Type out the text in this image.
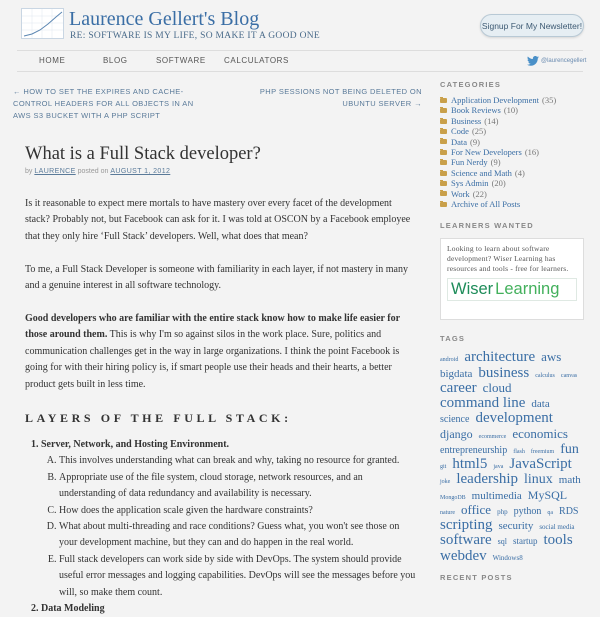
Laurence Gellert's Blog
RE: SOFTWARE IS MY LIFE, SO MAKE IT A GOOD ONE
Signup For My Newsletter!
HOME	BLOG	SOFTWARE CALCULATORS	@laurencegellert
← HOW TO SET THE EXPIRES AND CACHE-CONTROL HEADERS FOR ALL OBJECTS IN AN AWS S3 BUCKET WITH A PHP SCRIPT
PHP SESSIONS NOT BEING DELETED ON UBUNTU SERVER →
What is a Full Stack developer?
by LAURENCE posted on AUGUST 1, 2012

Is it reasonable to expect mere mortals to have mastery over every facet of the development stack? Probably not, but Facebook can ask for it. I was told at OSCON by a Facebook employee that they only hire ‘Full Stack’ developers. Well, what does that mean?

To me, a Full Stack Developer is someone with familiarity in each layer, if not mastery in many and a genuine interest in all software technology.

Good developers who are familiar with the entire stack know how to make life easier for those around them. This is why I'm so against silos in the work place. Sure, politics and communication challenges get in the way in large organizations. I think the point Facebook is going for with their hiring policy is, if smart people use their heads and their hearts, a better product gets built in less time.

LAYERS OF THE FULL STACK:
1. Server, Network, and Hosting Environment.
A. This involves understanding what can break and why, taking no resource for granted.
B. Appropriate use of the file system, cloud storage, network resources, and an understanding of data redundancy and availability is necessary.
C. How does the application scale given the hardware constraints?
D. What about multi-threading and race conditions? Guess what, you won't see those on your development machine, but they can and do happen in the real world.
E. Full stack developers can work side by side with DevOps. The system should provide useful error messages and logging capabilities. DevOps will see the messages before you will, so make them count.
2. Data Modeling
CATEGORIES
Application Development (35)
Book Reviews (10)
Business (14)
Code (25)
Data (9)
For New Developers (16)
Fun Nerdy (9)
Science and Math (4)
Sys Admin (20)
Work (22)
Archive of All Posts
LEARNERS WANTED
Looking to learn about software development? Wiser Learning has resources and tools - free for learners.
Wiser Learning
TAGS
android architecture aws bigdata business calculus canvas career cloud command line data science development django ecommerce economics entrepreneurship flash freemium fun git html5 java JavaScript joke leadership linux math MongoDB multimedia MySQL nature office php python qa RDS scripting security social media software sql startup tools webdev Windows8
RECENT POSTS
